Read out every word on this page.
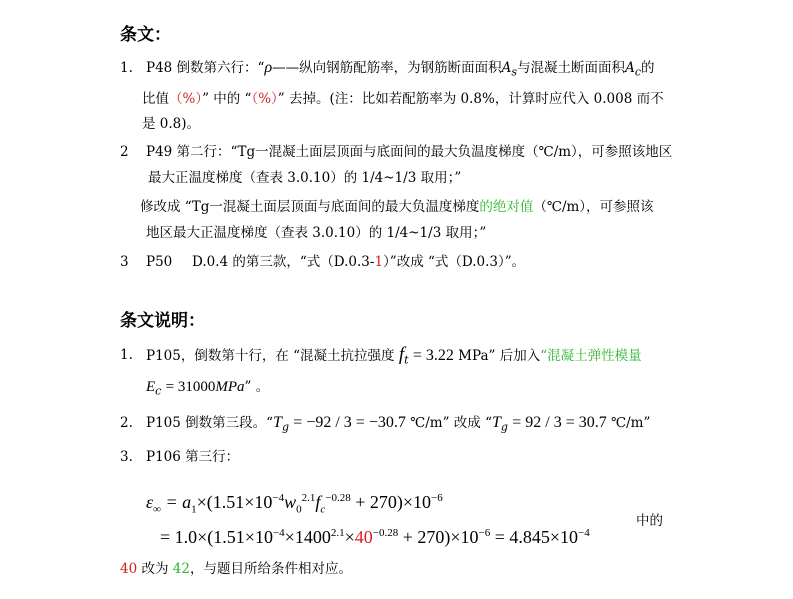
条文：
1. P48 倒数第六行：“ρ——纵向钢筋配筋率，为钢筋断面面积$A_s$与混凝土断面面积$A_c$的
比值（%）” 中的 “（%）” 去掉。(注：比如若配筋率为 0.8%，计算时应代入 0.008 而不
是 0.8)。
2 P49 第二行：“Tg一混凝土面层顶面与底面间的最大负温度梯度（℃/m），可参照该地区
最大正温度梯度（查表 3.0.10）的 1/4~1/3 取用；”
修改成 “Tg一混凝土面层顶面与底面间的最大负温度梯度的绝对值（℃/m），可参照该
地区最大正温度梯度（查表 3.0.10）的 1/4~1/3 取用；”
3 P50 D.0.4 的第三款，“式（D.0.3-1）”改成 “式（D.0.3）”。
条文说明：
1. P105，倒数第十行，在 “混凝土抗拉强度 $f_t = 3.22$ MPa” 后加入“混凝土弹性模量
$E_c = 31000MPa$” 。
2. P105 倒数第三段。“$T_g = -92 / 3 = -30.7$ ℃/m” 改成 “$T_g = 92 / 3 = 30.7$ ℃/m”
3. P106 第三行：
$\varepsilon_\infty = a_1\times(1.51\times 10^{-4}w_0^{2.1}f_c^{-0.28} + 270)\times 10^{-6}$
= $1.0\times(1.51\times 10^{-4}\times 1400^{2.1}\times 40^{-0.28} + 270)\times 10^{-6} = 4.845\times 10^{-4}$
中的
40 改为 42，与题目所给条件相对应。
